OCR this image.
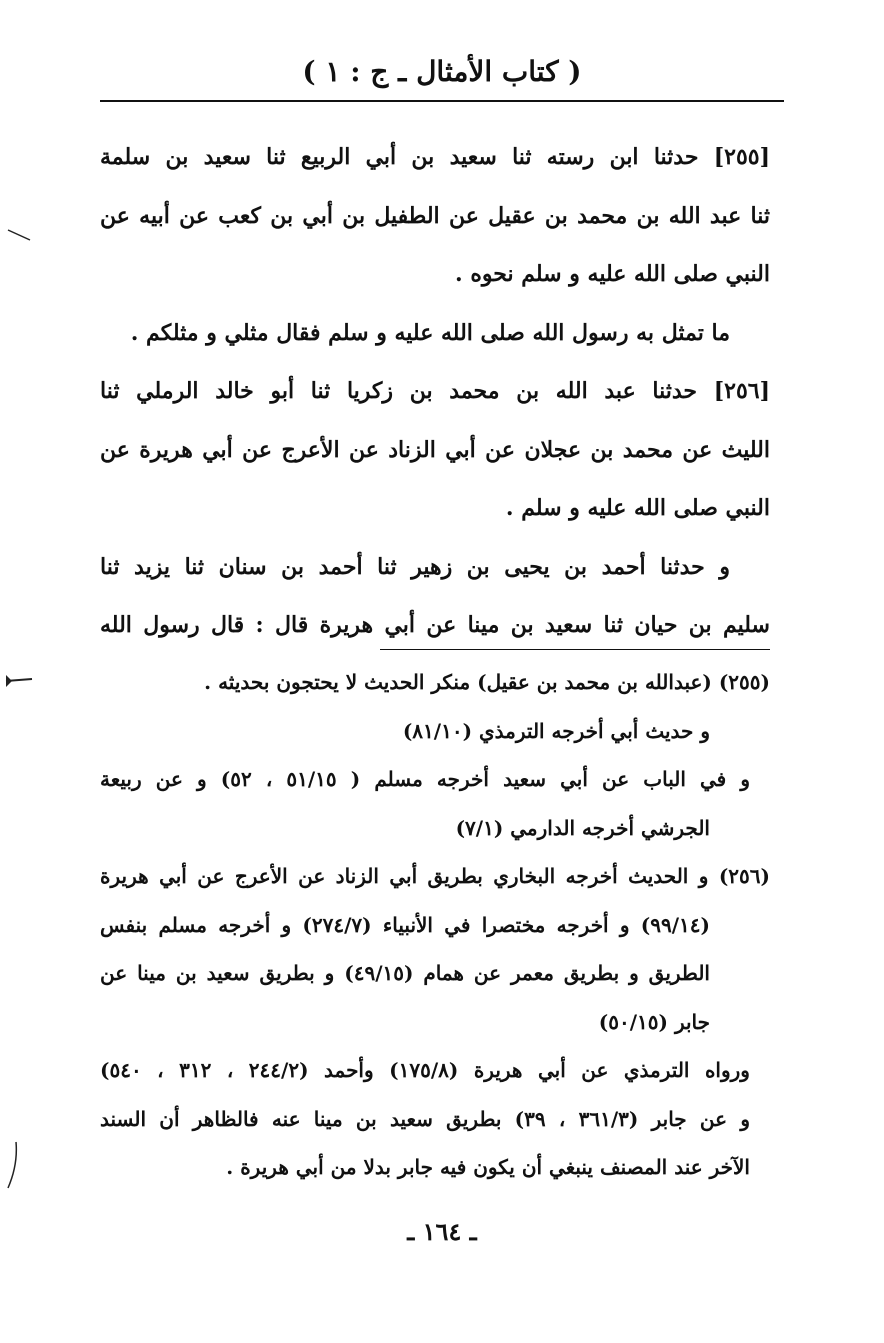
( كتاب الأمثال ـ ج : ١ )
[٢٥٥] حدثنا ابن رسته ثنا سعيد بن أبي الربيع ثنا سعيد بن سلمة
ثنا عبد الله بن محمد بن عقيل عن الطفيل بن أبي بن كعب عن أبيه عن
النبي صلى الله عليه و سلم نحوه .
ما تمثل به رسول الله صلى الله عليه و سلم فقال مثلي و مثلكم .
[٢٥٦] حدثنا عبد الله بن محمد بن زكريا ثنا أبو خالد الرملي ثنا
الليث عن محمد بن عجلان عن أبي الزناد عن الأعرج عن أبي هريرة عن
النبي صلى الله عليه و سلم .
و حدثنا أحمد بن يحيى بن زهير ثنا أحمد بن سنان ثنا يزيد ثنا
سليم بن حيان ثنا سعيد بن مينا عن أبي هريرة قال : قال رسول الله
(٢٥٥) (عبدالله بن محمد بن عقيل) منكر الحديث لا يحتجون بحديثه .
و حديث أبي أخرجه الترمذي (٨١/١٠)
و في الباب عن أبي سعيد أخرجه مسلم ( ٥١/١٥ ، ٥٢) و عن ربيعة
الجرشي أخرجه الدارمي (٧/١)
(٢٥٦) و الحديث أخرجه البخاري بطريق أبي الزناد عن الأعرج عن أبي هريرة
(٩٩/١٤) و أخرجه مختصرا في الأنبياء (٢٧٤/٧) و أخرجه مسلم بنفس
الطريق و بطريق معمر عن همام (٤٩/١٥) و بطريق سعيد بن مينا عن
جابر (٥٠/١٥)
ورواه الترمذي عن أبي هريرة (١٧٥/٨) وأحمد (٢٤٤/٢ ، ٣١٢ ، ٥٤٠)
و عن جابر (٣٦١/٣ ، ٣٩) بطريق سعيد بن مينا عنه فالظاهر أن السند
الآخر عند المصنف ينبغي أن يكون فيه جابر بدلا من أبي هريرة .
ـ ١٦٤ ـ
